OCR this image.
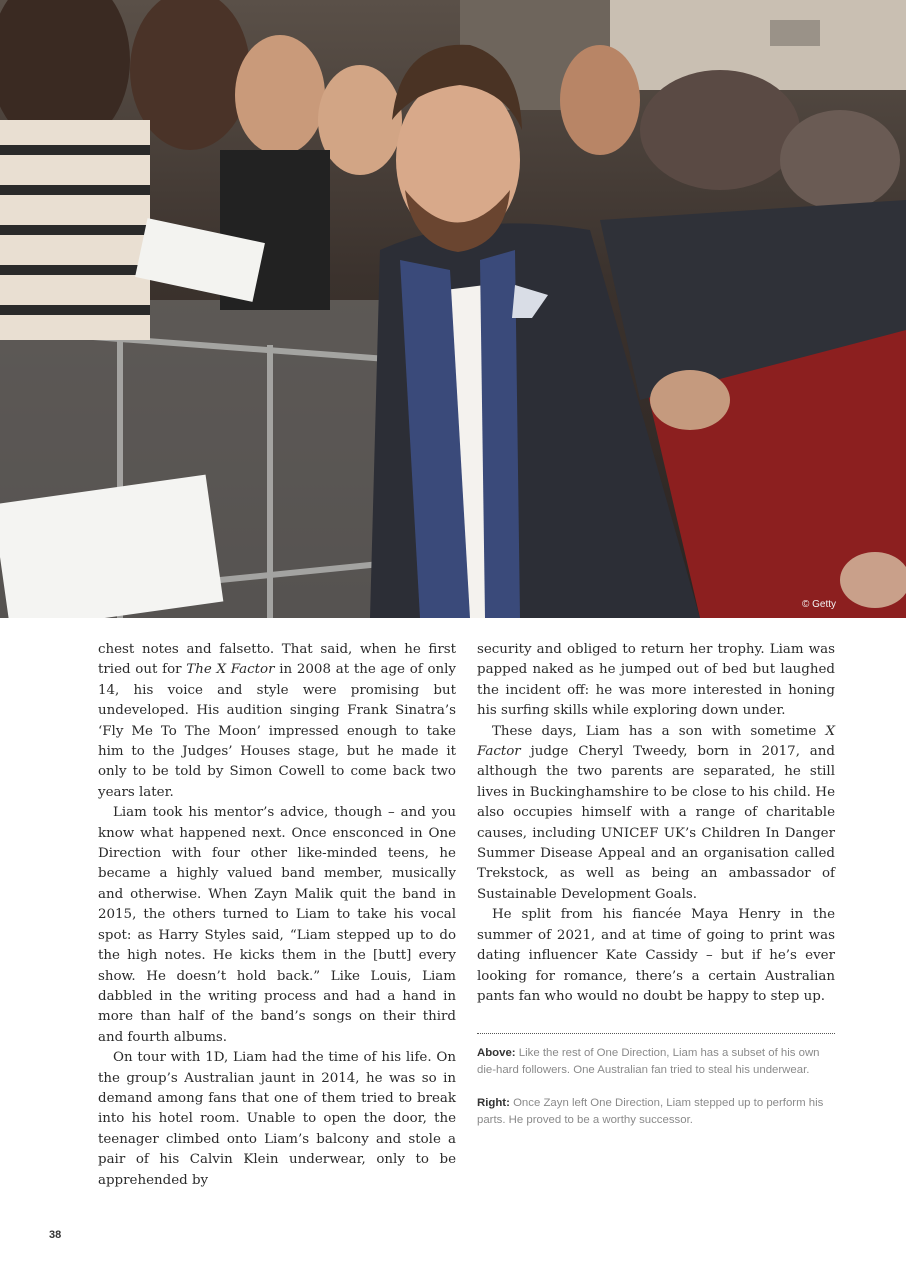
© Getty

chest notes and falsetto. That said, when he first tried out for The X Factor in 2008 at the age of only 14, his voice and style were promising but undeveloped. His audition singing Frank Sinatra’s ‘Fly Me To The Moon’ impressed enough to take him to the Judges’ Houses stage, but he made it only to be told by Simon Cowell to come back two years later.

Liam took his mentor’s advice, though – and you know what happened next. Once ensconced in One Direction with four other like-minded teens, he became a highly valued band member, musically and otherwise. When Zayn Malik quit the band in 2015, the others turned to Liam to take his vocal spot: as Harry Styles said, “Liam stepped up to do the high notes. He kicks them in the [butt] every show. He doesn’t hold back.” Like Louis, Liam dabbled in the writing process and had a hand in more than half of the band’s songs on their third and fourth albums.

On tour with 1D, Liam had the time of his life. On the group’s Australian jaunt in 2014, he was so in demand among fans that one of them tried to break into his hotel room. Unable to open the door, the teenager climbed onto Liam’s balcony and stole a pair of his Calvin Klein underwear, only to be apprehended by

security and obliged to return her trophy. Liam was papped naked as he jumped out of bed but laughed the incident off: he was more interested in honing his surfing skills while exploring down under.

These days, Liam has a son with sometime X Factor judge Cheryl Tweedy, born in 2017, and although the two parents are separated, he still lives in Buckinghamshire to be close to his child. He also occupies himself with a range of charitable causes, including UNICEF UK’s Children In Danger Summer Disease Appeal and an organisation called Trekstock, as well as being an ambassador of Sustainable Development Goals.

He split from his fiancée Maya Henry in the summer of 2021, and at time of going to print was dating influencer Kate Cassidy – but if he’s ever looking for romance, there’s a certain Australian pants fan who would no doubt be happy to step up.

Above: Like the rest of One Direction, Liam has a subset of his own die-hard followers. One Australian fan tried to steal his underwear.
Right: Once Zayn left One Direction, Liam stepped up to perform his parts. He proved to be a worthy successor.
38
